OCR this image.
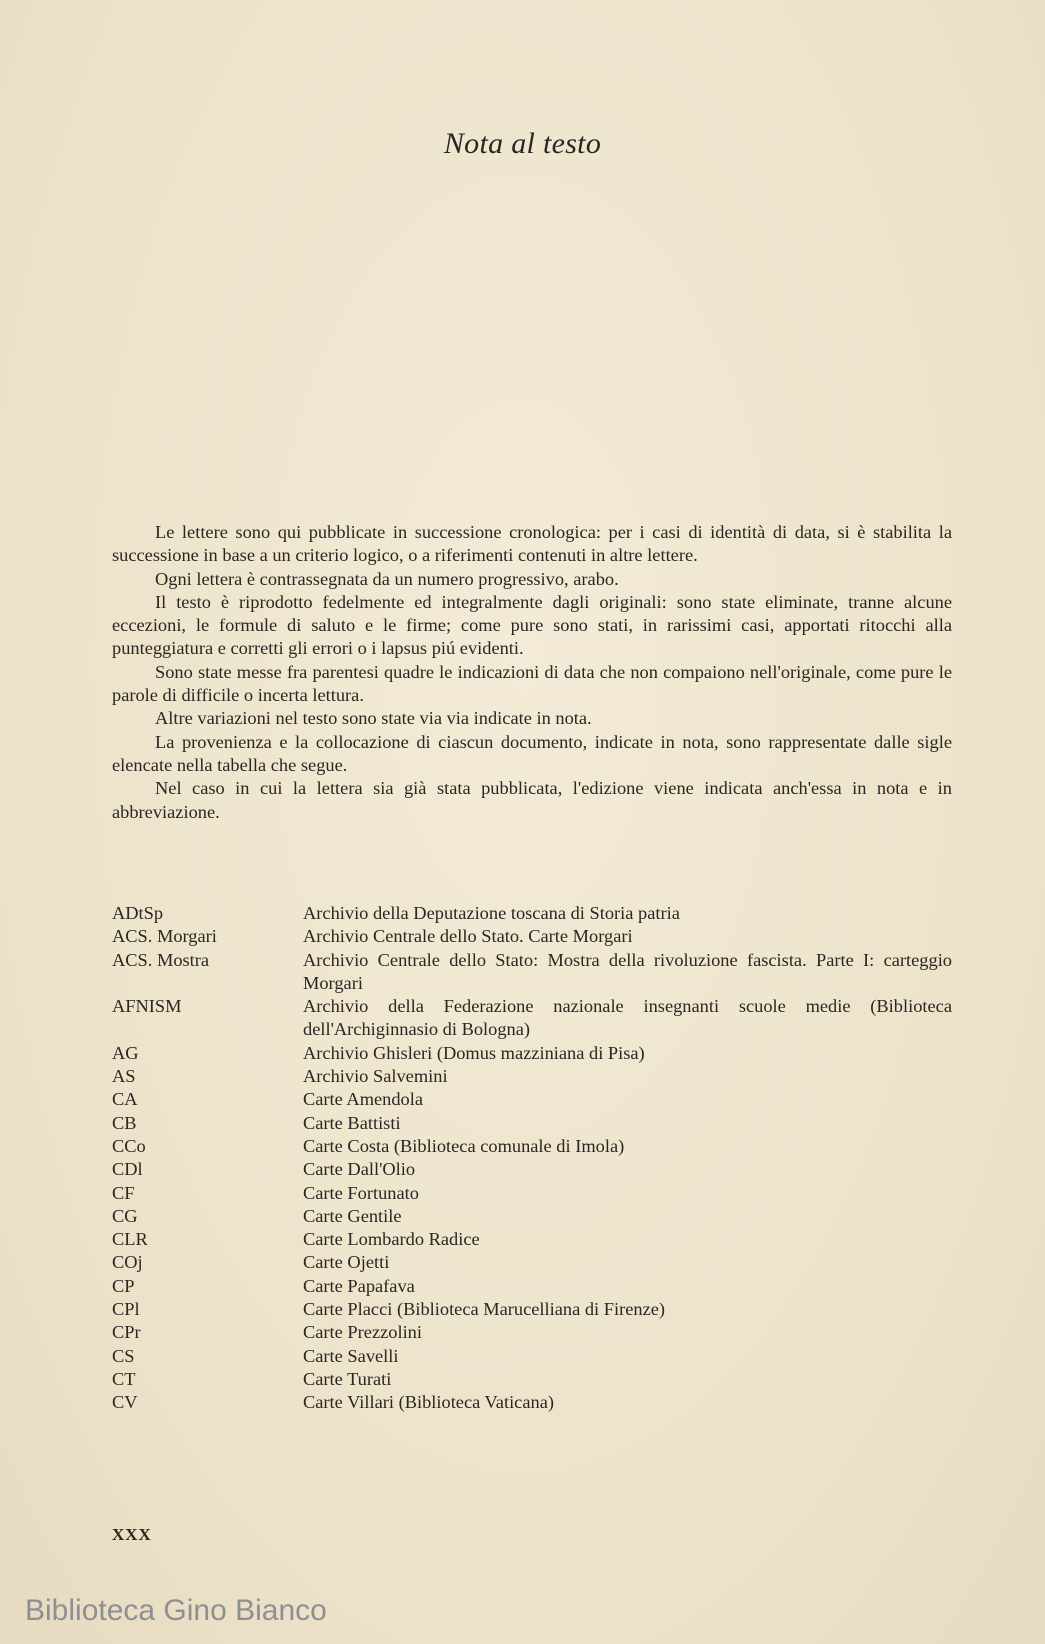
Nota al testo

Le lettere sono qui pubblicate in successione cronologica: per i casi di identità di data, si è stabilita la successione in base a un criterio logico, o a riferimenti contenuti in altre lettere.

Ogni lettera è contrassegnata da un numero progressivo, arabo.

Il testo è riprodotto fedelmente ed integralmente dagli originali: sono state eliminate, tranne alcune eccezioni, le formule di saluto e le firme; come pure sono stati, in rarissimi casi, apportati ritocchi alla punteggiatura e corretti gli errori o i lapsus piú evidenti.

Sono state messe fra parentesi quadre le indicazioni di data che non compaiono nell'originale, come pure le parole di difficile o incerta lettura.

Altre variazioni nel testo sono state via via indicate in nota.

La provenienza e la collocazione di ciascun documento, indicate in nota, sono rappresentate dalle sigle elencate nella tabella che segue.

Nel caso in cui la lettera sia già stata pubblicata, l'edizione viene indicata anch'essa in nota e in abbreviazione.

ADtSp	Archivio della Deputazione toscana di Storia patria
ACS. Morgari	Archivio Centrale dello Stato. Carte Morgari
ACS. Mostra	Archivio Centrale dello Stato: Mostra della rivoluzione fascista. Parte I: carteggio Morgari
AFNISM	Archivio della Federazione nazionale insegnanti scuole medie (Biblioteca dell'Archiginnasio di Bologna)
AG	Archivio Ghisleri (Domus mazziniana di Pisa)
AS	Archivio Salvemini
CA	Carte Amendola
CB	Carte Battisti
CCo	Carte Costa (Biblioteca comunale di Imola)
CDl	Carte Dall'Olio
CF	Carte Fortunato
CG	Carte Gentile
CLR	Carte Lombardo Radice
COj	Carte Ojetti
CP	Carte Papafava
CPl	Carte Placci (Biblioteca Marucelliana di Firenze)
CPr	Carte Prezzolini
CS	Carte Savelli
CT	Carte Turati
CV	Carte Villari (Biblioteca Vaticana)
XXX
Biblioteca Gino Bianco
